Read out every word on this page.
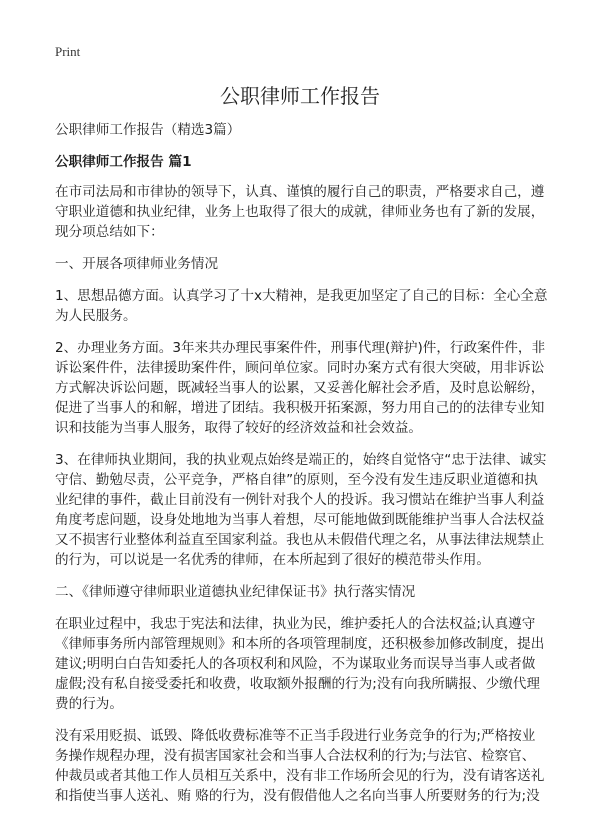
Print
公职律师工作报告

公职律师工作报告（精选3篇）

公职律师工作报告 篇1

在市司法局和市律协的领导下，认真、谨慎的履行自己的职责，严格要求自己，遵
守职业道德和执业纪律，业务上也取得了很大的成就，律师业务也有了新的发展，
现分项总结如下：

一、开展各项律师业务情况

1、思想品德方面。认真学习了十x大精神，是我更加坚定了自己的目标：全心全意
为人民服务。

2、办理业务方面。3年来共办理民事案件件，刑事代理(辩护)件，行政案件件，非
诉讼案件件，法律援助案件件，顾问单位家。同时办案方式有很大突破，用非诉讼
方式解决诉讼问题，既减轻当事人的讼累，又妥善化解社会矛盾，及时息讼解纷，
促进了当事人的和解，增进了团结。我积极开拓案源，努力用自己的的法律专业知
识和技能为当事人服务，取得了较好的经济效益和社会效益。

3、在律师执业期间，我的执业观点始终是端正的，始终自觉恪守“忠于法律、诚实
守信、勤勉尽责，公平竞争，严格自律”的原则，至今没有发生违反职业道德和执
业纪律的事件，截止目前没有一例针对我个人的投诉。我习惯站在维护当事人利益
角度考虑问题，设身处地地为当事人着想，尽可能地做到既能维护当事人合法权益
又不损害行业整体利益直至国家利益。我也从未假借代理之名，从事法律法规禁止
的行为，可以说是一名优秀的律师，在本所起到了很好的模范带头作用。

二、《律师遵守律师职业道德执业纪律保证书》执行落实情况

在职业过程中，我忠于宪法和法律，执业为民，维护委托人的合法权益;认真遵守
《律师事务所内部管理规则》和本所的各项管理制度，还积极参加修改制度，提出
建议;明明白白告知委托人的各项权利和风险，不为谋取业务而误导当事人或者做
虚假;没有私自接受委托和收费，收取额外报酬的行为;没有向我所瞒报、少缴代理
费的行为。

没有采用贬损、诋毁、降低收费标准等不正当手段进行业务竞争的行为;严格按业
务操作规程办理，没有损害国家社会和当事人合法权利的行为;与法官、检察官、
仲裁员或者其他工作人员相互关系中，没有非工作场所会见的行为，没有请客送礼
和指使当事人送礼、贿 赂的行为，没有假借他人之名向当事人所要财务的行为;没
